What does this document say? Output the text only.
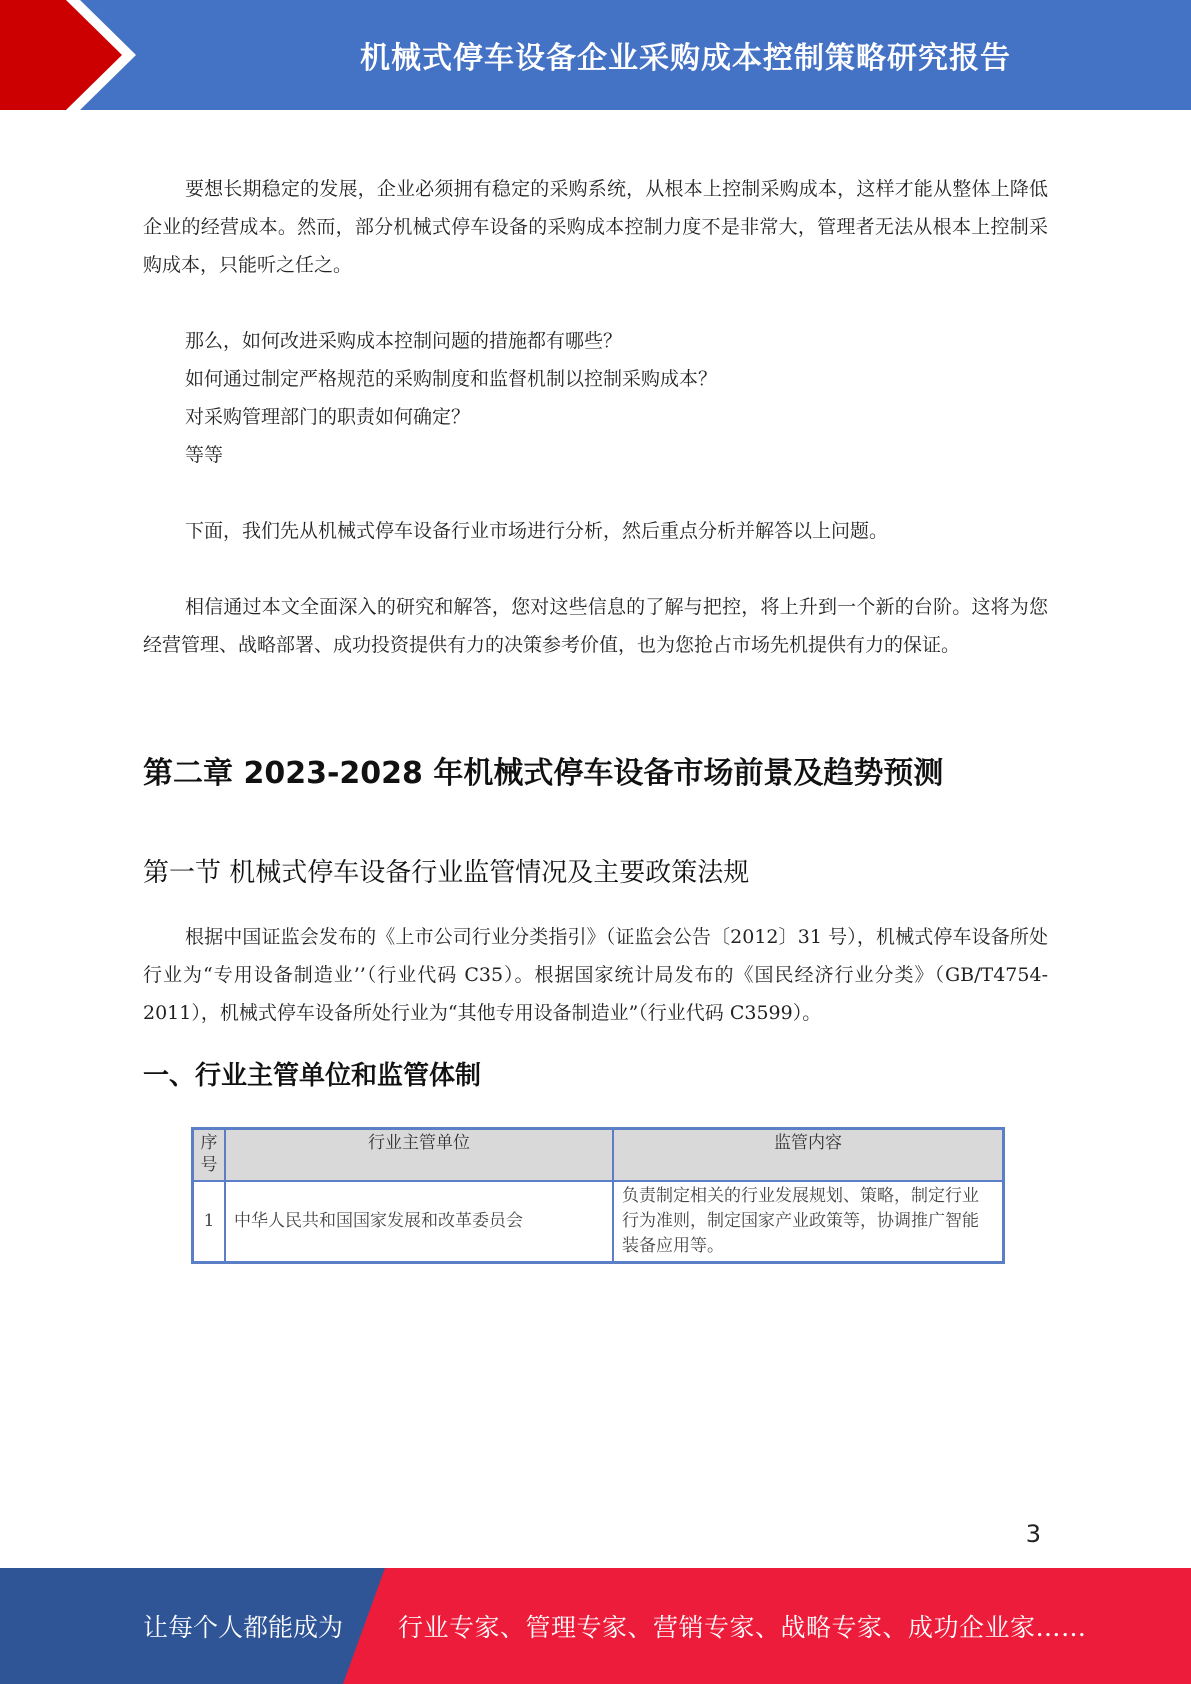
机械式停车设备企业采购成本控制策略研究报告

要想长期稳定的发展，企业必须拥有稳定的采购系统，从根本上控制采购成本，这样才能从整体上降低企业的经营成本。然而，部分机械式停车设备的采购成本控制力度不是非常大，管理者无法从根本上控制采购成本，只能听之任之。

那么，如何改进采购成本控制问题的措施都有哪些？

如何通过制定严格规范的采购制度和监督机制以控制采购成本？

对采购管理部门的职责如何确定？

等等

下面，我们先从机械式停车设备行业市场进行分析，然后重点分析并解答以上问题。

相信通过本文全面深入的研究和解答，您对这些信息的了解与把控，将上升到一个新的台阶。这将为您经营管理、战略部署、成功投资提供有力的决策参考价值，也为您抢占市场先机提供有力的保证。

第二章 2023-2028 年机械式停车设备市场前景及趋势预测
第一节 机械式停车设备行业监管情况及主要政策法规

根据中国证监会发布的《上市公司行业分类指引》（证监会公告〔2012〕31 号），机械式停车设备所处行业为“专用设备制造业’’（行业代码 C35）。根据国家统计局发布的《国民经济行业分类》（GB/T4754-2011），机械式停车设备所处行业为“其他专用设备制造业”（行业代码 C3599）。

一、行业主管单位和监管体制
序号	行业主管单位	监管内容
1	中华人民共和国国家发展和改革委员会	负责制定相关的行业发展规划、策略，制定行业行为准则，制定国家产业政策等，协调推广智能装备应用等。
3
让每个人都能成为 行业专家、管理专家、营销专家、战略专家、成功企业家……
